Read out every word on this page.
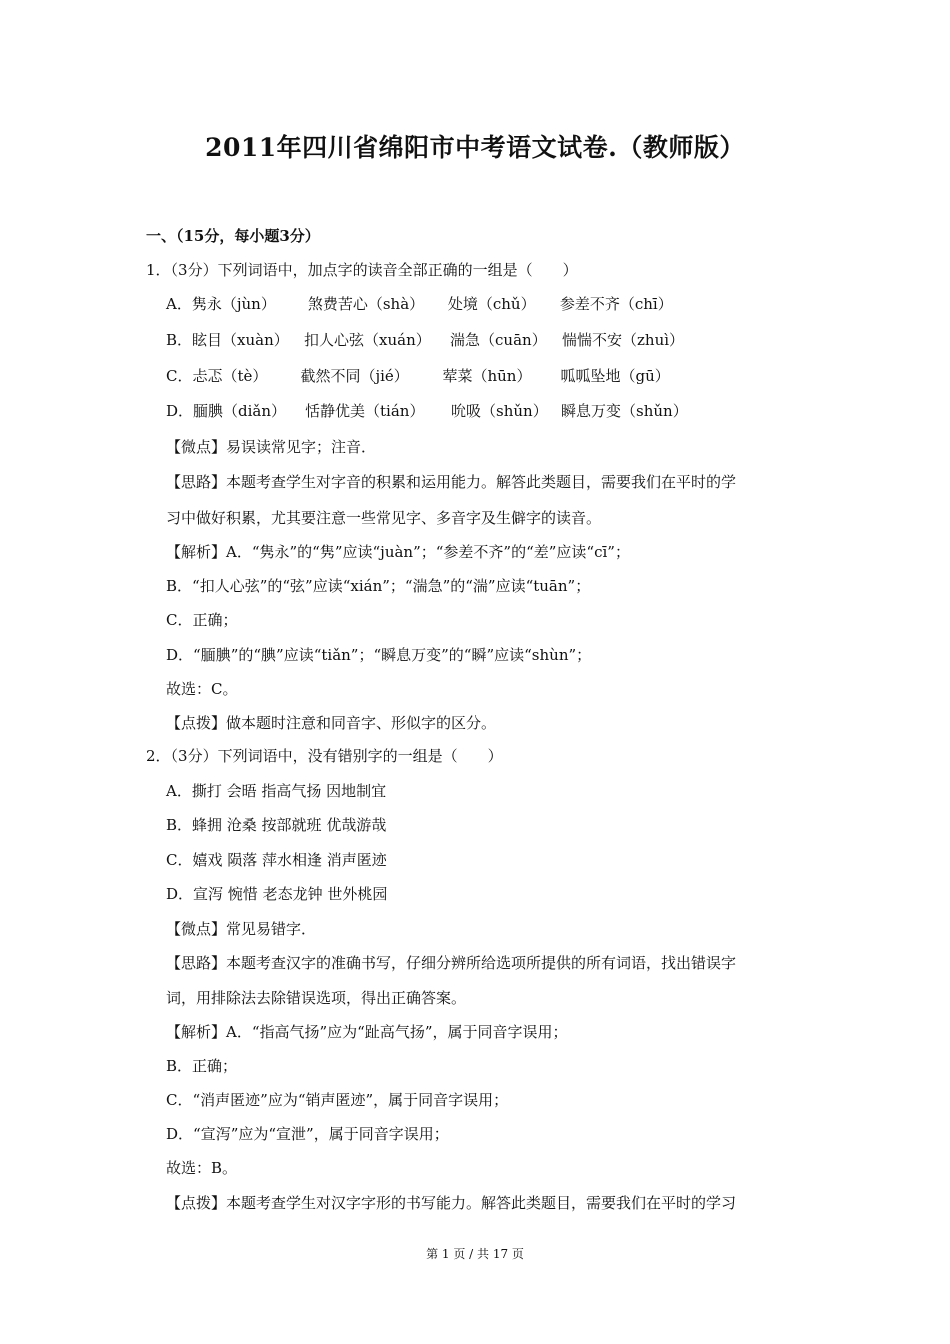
2011年四川省绵阳市中考语文试卷.（教师版）
一、（15分，每小题3分）
1．（3分）下列词语中，加点字的读音全部正确的一组是（　　）
A．隽永（jùn） 煞费苦心（shà） 处境（chǔ） 参差不齐（chī）
B．眩目（xuàn） 扣人心弦（xuán） 湍急（cuān） 惴惴不安（zhuì）
C．忐忑（tè） 截然不同（jié） 荤菜（hūn） 呱呱坠地（gū）
D．腼腆（diǎn） 恬静优美（tián） 吮吸（shǔn） 瞬息万变（shǔn）
【微点】易误读常见字；注音．
【思路】本题考查学生对字音的积累和运用能力。解答此类题目，需要我们在平时的学
习中做好积累，尤其要注意一些常见字、多音字及生僻字的读音。
【解析】A．“隽永”的“隽”应读“juàn”；“参差不齐”的“差”应读“cī”；
B．“扣人心弦”的“弦”应读“xián”；“湍急”的“湍”应读“tuān”；
C．正确；
D．“腼腆”的“腆”应读“tiǎn”；“瞬息万变”的“瞬”应读“shùn”；
故选：C。
【点拨】做本题时注意和同音字、形似字的区分。
2．（3分）下列词语中，没有错别字的一组是（　　）
A．撕打 会晤 指高气扬 因地制宜
B．蜂拥 沧桑 按部就班 优哉游哉
C．嬉戏 陨落 萍水相逢 消声匿迹
D．宣泻 惋惜 老态龙钟 世外桃园
【微点】常见易错字．
【思路】本题考查汉字的准确书写，仔细分辨所给选项所提供的所有词语，找出错误字
词，用排除法去除错误选项，得出正确答案。
【解析】A．“指高气扬”应为“趾高气扬”，属于同音字误用；
B．正确；
C．“消声匿迹”应为“销声匿迹”，属于同音字误用；
D．“宣泻”应为“宣泄”，属于同音字误用；
故选：B。
【点拨】本题考查学生对汉字字形的书写能力。解答此类题目，需要我们在平时的学习
第 1 页 / 共 17 页
